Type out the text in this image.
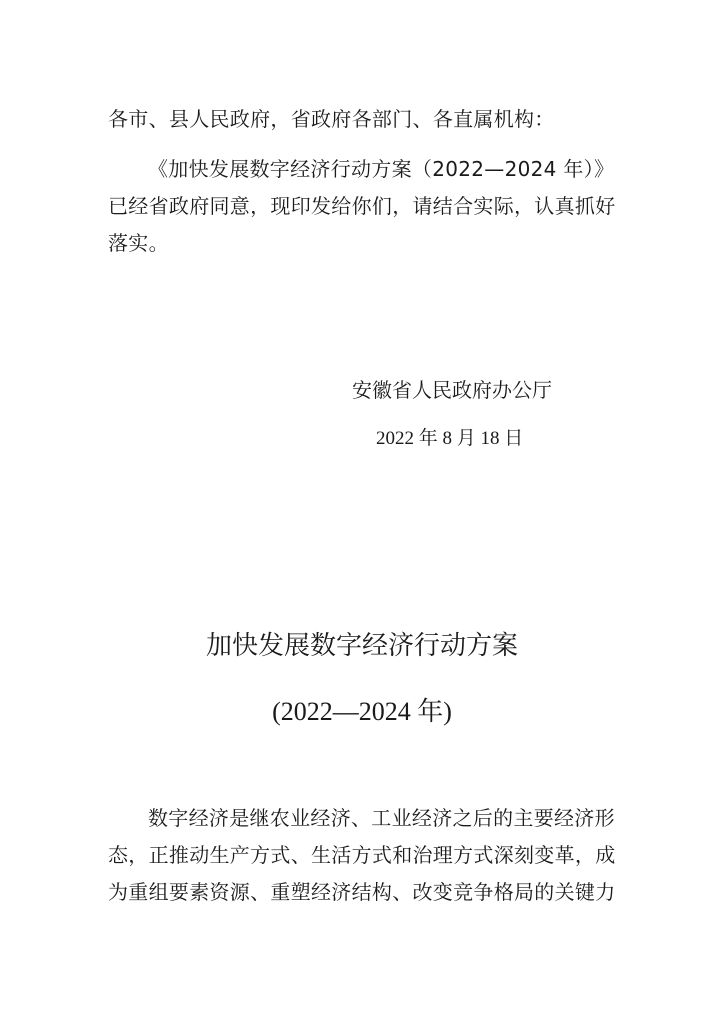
各市、县人民政府，省政府各部门、各直属机构：

《加快发展数字经济行动方案（2022—2024 年）》已经省政府同意，现印发给你们，请结合实际，认真抓好落实。

安徽省人民政府办公厅

2022 年 8 月 18 日

加快发展数字经济行动方案

(2022—2024 年)

数字经济是继农业经济、工业经济之后的主要经济形态，正推动生产方式、生活方式和治理方式深刻变革，成为重组要素资源、重塑经济结构、改变竞争格局的关键力
